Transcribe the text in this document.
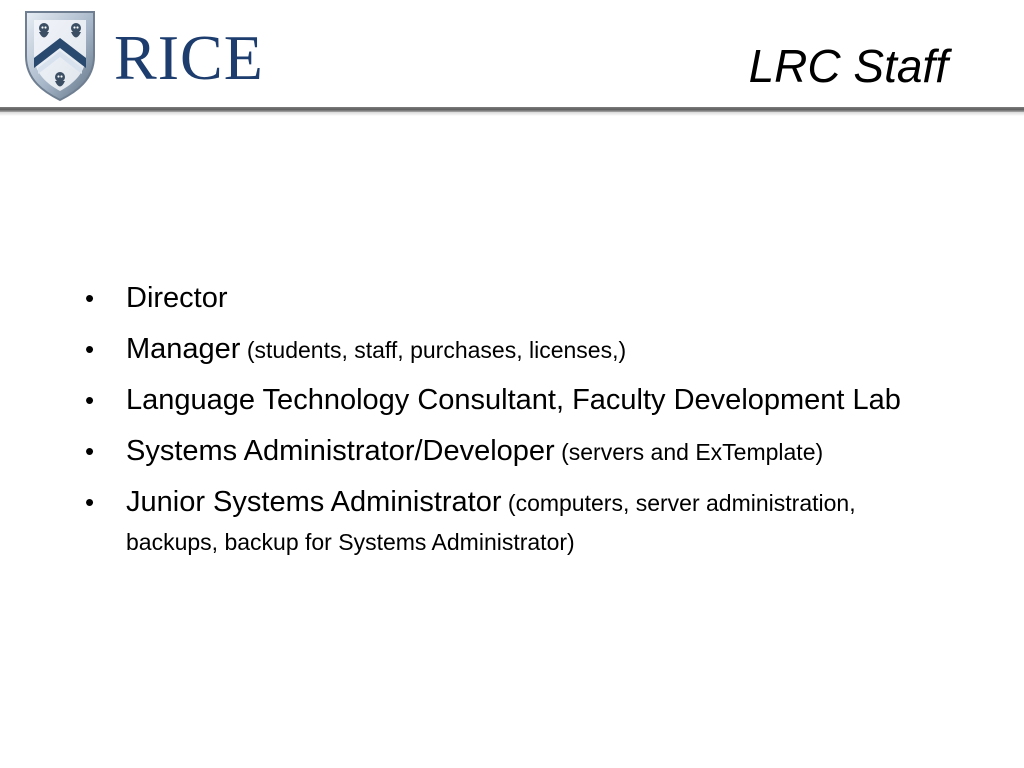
RICE	LRC Staff
• Director
• Manager (students, staff, purchases, licenses,)
• Language Technology Consultant, Faculty Development Lab
• Systems Administrator/Developer (servers and ExTemplate)
• Junior Systems Administrator (computers, server administration, backups, backup for Systems Administrator)
